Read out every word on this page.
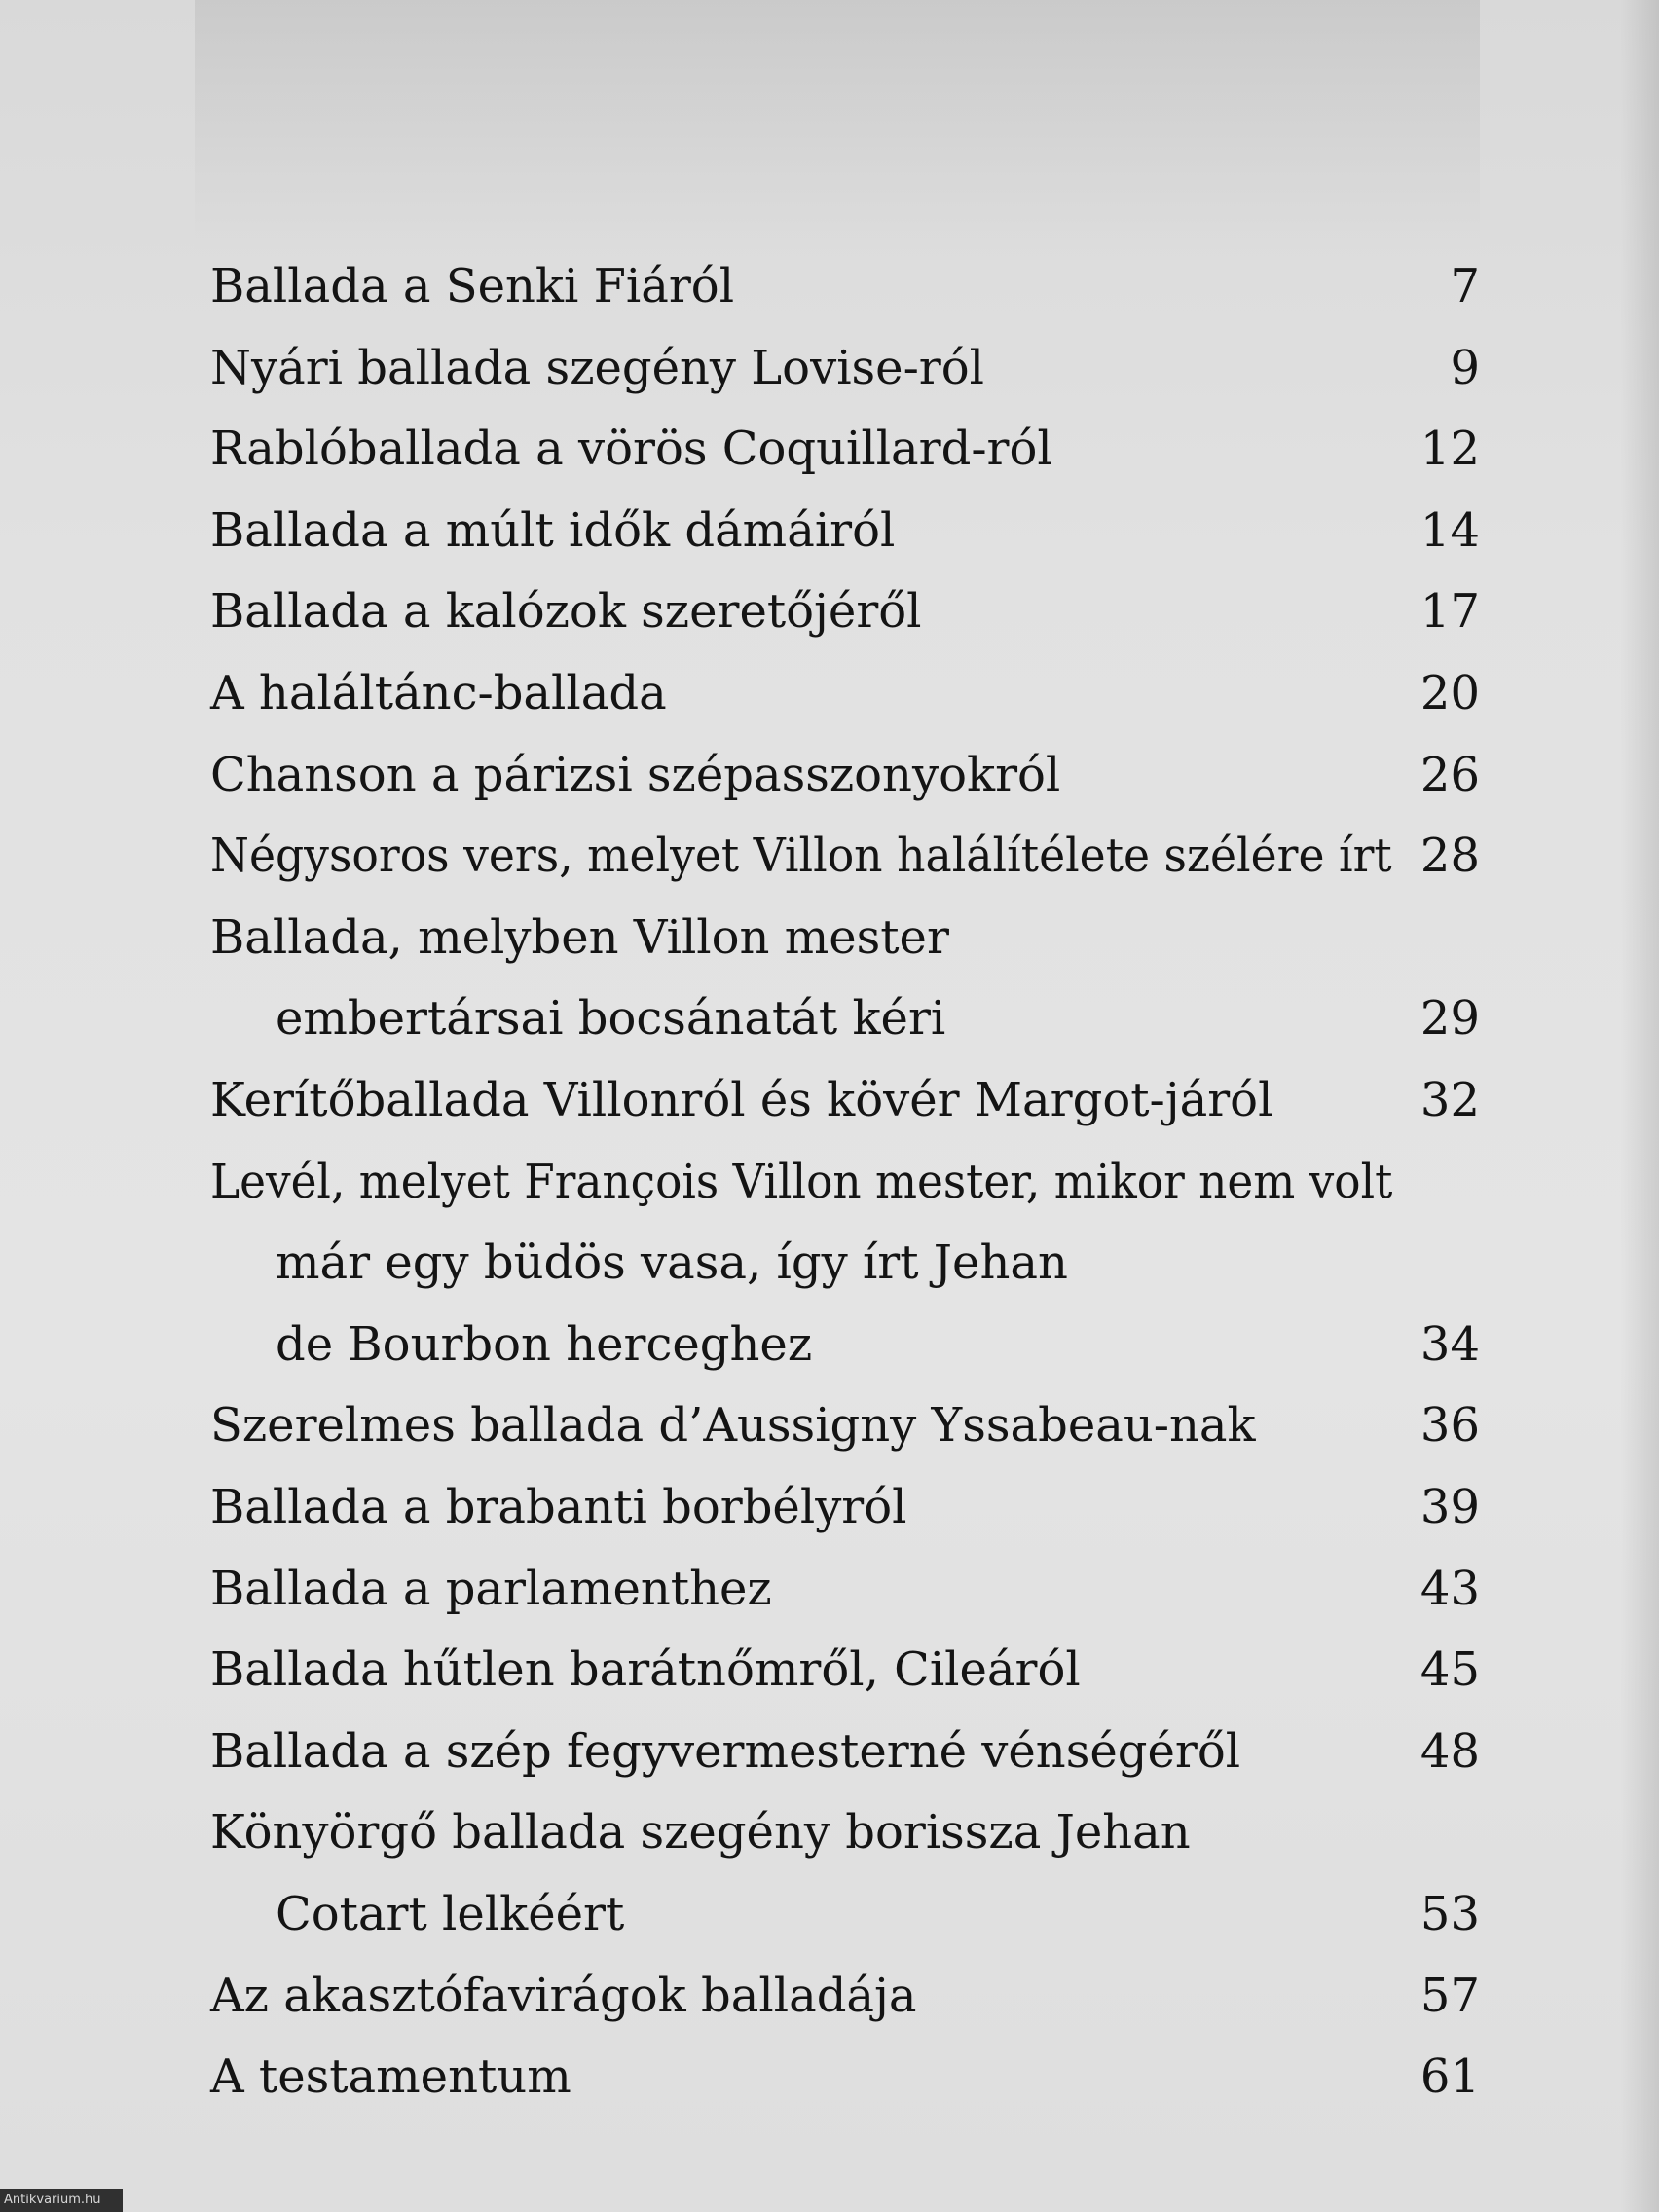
Ballada a Senki Fiáról	7
Nyári ballada szegény Lovise-ról	9
Rablóballada a vörös Coquillard-ról	12
Ballada a múlt idők dámáiról	14
Ballada a kalózok szeretőjéről	17
A haláltánc-ballada	20
Chanson a párizsi szépasszonyokról	26
Négysoros vers, melyet Villon halálítélete szélére írt 28
Ballada, melyben Villon mester
embertársai bocsánatát kéri	29
Kerítőballada Villonról és kövér Margot-járól	32
Levél, melyet François Villon mester, mikor nem volt
már egy büdös vasa, így írt Jehan
de Bourbon herceghez	34
Szerelmes ballada d’Aussigny Yssabeau-nak	36
Ballada a brabanti borbélyról	39
Ballada a parlamenthez	43
Ballada hűtlen barátnőmről, Cileáról	45
Ballada a szép fegyvermesterné vénségéről	48
Könyörgő ballada szegény borissza Jehan
Cotart lelkéért	53
Az akasztófavirágok balladája	57
A testamentum	61
Antikvarium.hu
